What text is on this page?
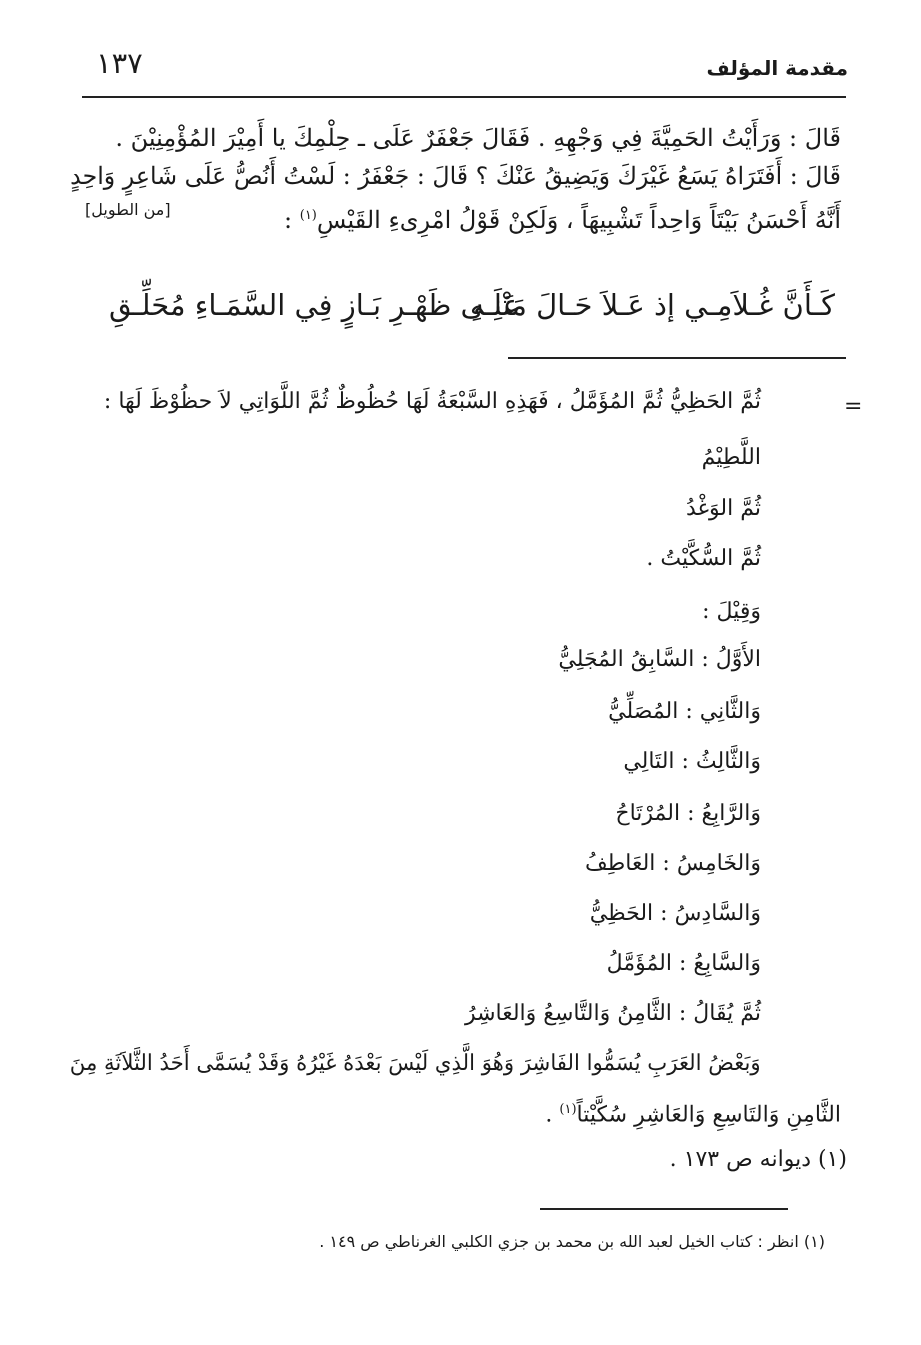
١٣٧	مقدمة المؤلف
قَالَ : وَرَأَيْتُ الحَمِيَّةَ فِي وَجْهِهِ . فَقَالَ جَعْفَرٌ عَلَى ـ حِلْمِكَ يا أَمِيْرَ المُؤْمِنِيْنَ .
قَالَ : أَفَتَرَاهُ يَسَعُ غَيْرَكَ وَيَضِيقُ عَنْكَ ؟ قَالَ : جَعْفَرُ : لَسْتُ أَنُصُّ عَلَى شَاعِرٍ وَاحِدٍ
أَنَّهُ أَحْسَنُ بَيْتَاً وَاحِداً تَشْبِيهَاً ، وَلَكِنْ قَوْلُ امْرِىءِ القَيْسِ$^{(١)}$ :
[من الطويل]
كَـأَنَّ غُـلاَمِـي إذ عَـلاَ حَـالَ مَتْنِـهِ
عَلَـى ظَهْـرِ بَـازٍ فِي السَّمَـاءِ مُحَلِّـقِ
=
ثُمَّ الحَظِيُّ ثُمَّ المُؤَمَّلُ ، فَهَذِهِ السَّبْعَةُ لَهَا حُظُوظٌ ثُمَّ اللَّوَاتِي لاَ حظُوْظَ لَهَا :
اللَّطِيْمُ
ثُمَّ الوَغْدُ
ثُمَّ السُّكَّيْتُ .
وَقِيْلَ :
الأَوَّلُ : السَّابِقُ المُجَلِيُّ
وَالثَّانِي : المُصَلِّيُّ
وَالثَّالِثُ : التَالِي
وَالرَّابِعُ : المُرْتَاحُ
وَالخَامِسُ : العَاطِفُ
وَالسَّادِسُ : الحَظِيُّ
وَالسَّابِعُ : المُؤَمَّلُ
ثُمَّ يُقَالُ : الثَّامِنُ وَالتَّاسِعُ وَالعَاشِرُ
وَبَعْضُ العَرَبِ يُسَمُّوا الفَاشِرَ وَهُوَ الَّذِي لَيْسَ بَعْدَهُ غَيْرُهُ وَقَدْ يُسَمَّى أَحَدُ الثَّلاَثَةِ مِنَ
الثَّامِنِ وَالتَاسِعِ وَالعَاشِرِ سُكَّيْتاً$^{(١)}$ .
(١) ديوانه ص ١٧٣ .
(١) انظر : كتاب الخيل لعبد الله بن محمد بن جزي الكلبي الغرناطي ص ١٤٩ .
